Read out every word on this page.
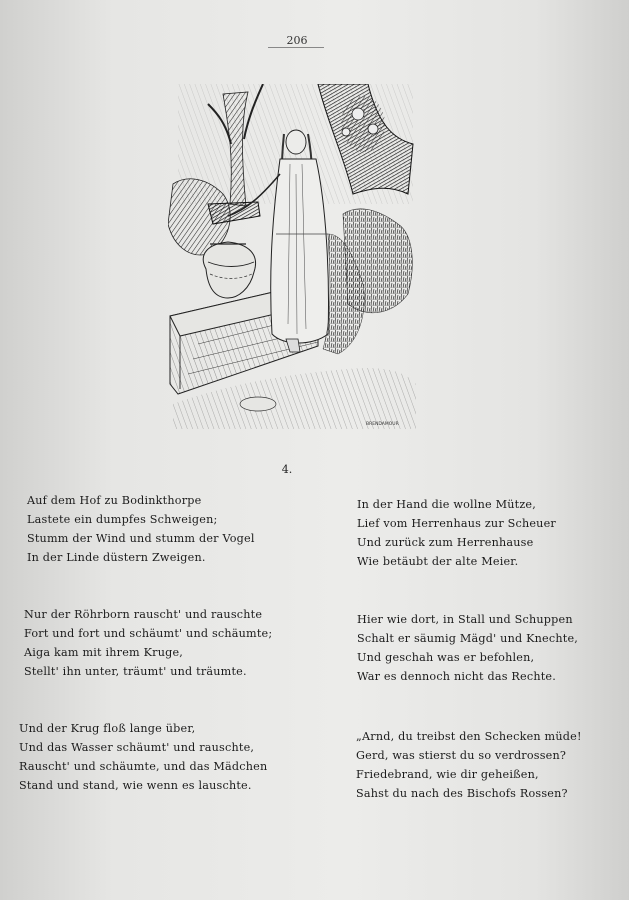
206
BRENDAMOUR
4.
Auf dem Hof zu Bodinkthorpe
Lastete ein dumpfes Schweigen;
Stumm der Wind und stumm der Vogel
In der Linde düstern Zweigen.
Nur der Röhrborn rauscht' und rauschte
Fort und fort und schäumt' und schäumte;
Aiga kam mit ihrem Kruge,
Stellt' ihn unter, träumt' und träumte.
Und der Krug floß lange über,
Und das Wasser schäumt' und rauschte,
Rauscht' und schäumte, und das Mädchen
Stand und stand, wie wenn es lauschte.
In der Hand die wollne Mütze,
Lief vom Herrenhaus zur Scheuer
Und zurück zum Herrenhause
Wie betäubt der alte Meier.
Hier wie dort, in Stall und Schuppen
Schalt er säumig Mägd' und Knechte,
Und geschah was er befohlen,
War es dennoch nicht das Rechte.
„Arnd, du treibst den Schecken müde!
Gerd, was stierst du so verdrossen?
Friedebrand, wie dir geheißen,
Sahst du nach des Bischofs Rossen?
